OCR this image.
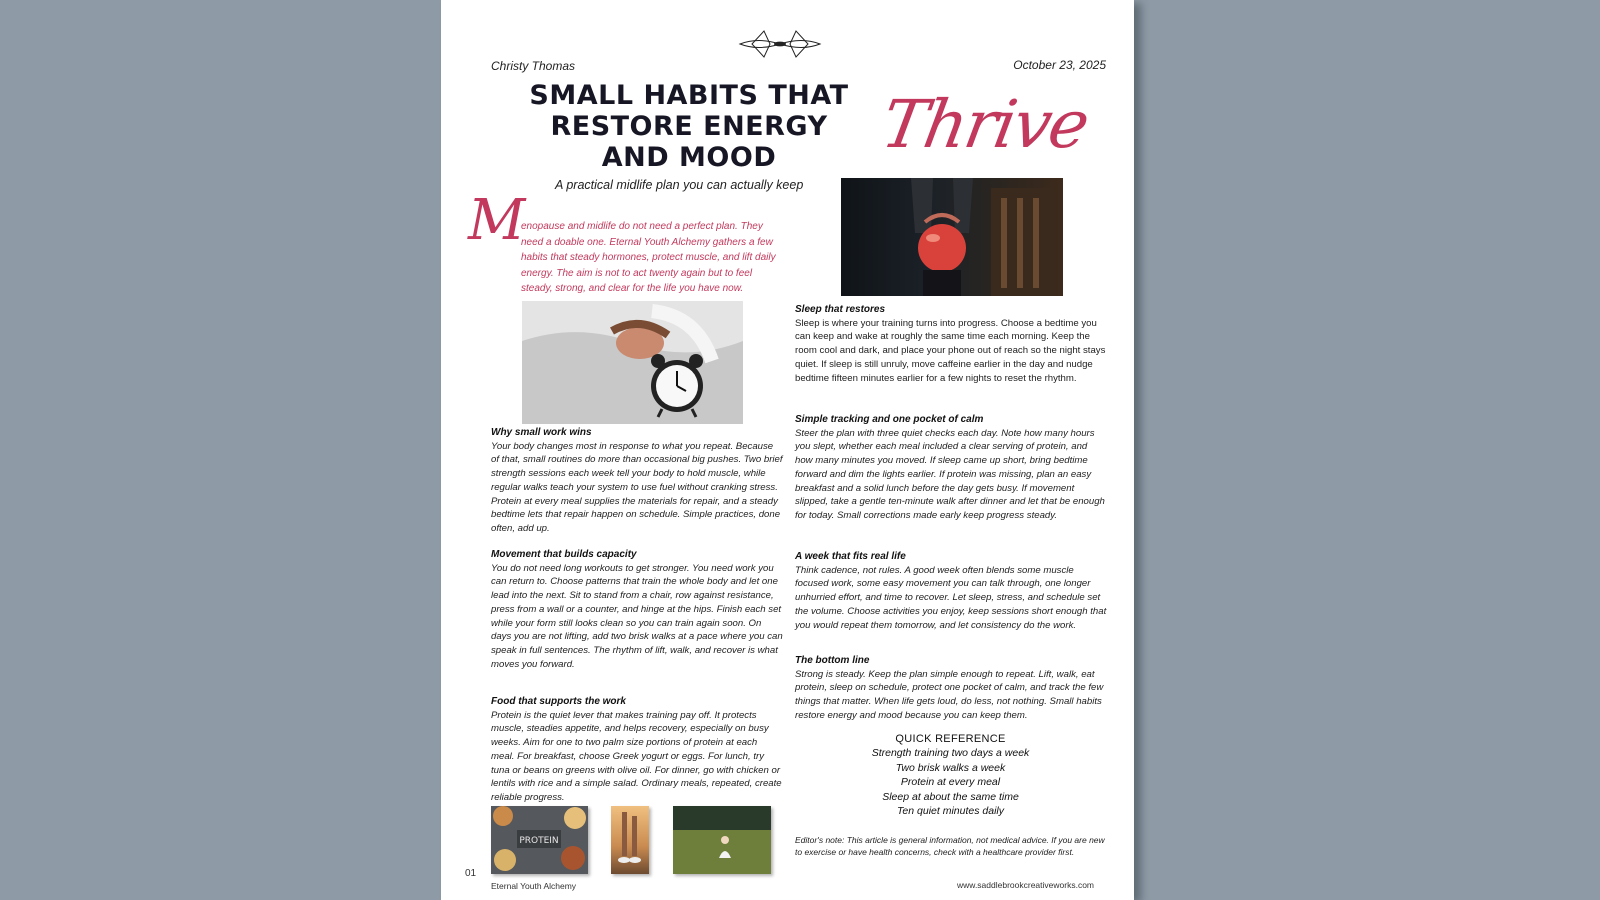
Christy Thomas	October 23, 2025
SMALL HABITS THAT
RESTORE ENERGY
AND MOOD	Thrive
A practical midlife plan you can actually keep
M
enopause and midlife do not need a perfect plan. They need a doable one. Eternal Youth Alchemy gathers a few habits that steady hormones, protect muscle, and lift daily energy. The aim is not to act twenty again but to feel steady, strong, and clear for the life you have now.
Why small work wins

Your body changes most in response to what you repeat. Because of that, small routines do more than occasional big pushes. Two brief strength sessions each week tell your body to hold muscle, while regular walks teach your system to use fuel without cranking stress. Protein at every meal supplies the materials for repair, and a steady bedtime lets that repair happen on schedule. Simple practices, done often, add up.

Movement that builds capacity

You do not need long workouts to get stronger. You need work you can return to. Choose patterns that train the whole body and let one lead into the next. Sit to stand from a chair, row against resistance, press from a wall or a counter, and hinge at the hips. Finish each set while your form still looks clean so you can train again soon. On days you are not lifting, add two brisk walks at a pace where you can speak in full sentences. The rhythm of lift, walk, and recover is what moves you forward.

Food that supports the work

Protein is the quiet lever that makes training pay off. It protects muscle, steadies appetite, and helps recovery, especially on busy weeks. Aim for one to two palm size portions of protein at each meal. For breakfast, choose Greek yogurt or eggs. For lunch, try tuna or beans on greens with olive oil. For dinner, go with chicken or lentils with rice and a simple salad. Ordinary meals, repeated, create reliable progress.

Sleep that restores

Sleep is where your training turns into progress. Choose a bedtime you can keep and wake at roughly the same time each morning. Keep the room cool and dark, and place your phone out of reach so the night stays quiet. If sleep is still unruly, move caffeine earlier in the day and nudge bedtime fifteen minutes earlier for a few nights to reset the rhythm.

Simple tracking and one pocket of calm

Steer the plan with three quiet checks each day. Note how many hours you slept, whether each meal included a clear serving of protein, and how many minutes you moved. If sleep came up short, bring bedtime forward and dim the lights earlier. If protein was missing, plan an easy breakfast and a solid lunch before the day gets busy. If movement slipped, take a gentle ten-minute walk after dinner and let that be enough for today. Small corrections made early keep progress steady.

A week that fits real life

Think cadence, not rules. A good week often blends some muscle focused work, some easy movement you can talk through, one longer unhurried effort, and time to recover. Let sleep, stress, and schedule set the volume. Choose activities you enjoy, keep sessions short enough that you would repeat them tomorrow, and let consistency do the work.

The bottom line

Strong is steady. Keep the plan simple enough to repeat. Lift, walk, eat protein, sleep on schedule, protect one pocket of calm, and track the few things that matter. When life gets loud, do less, not nothing. Small habits restore energy and mood because you can keep them.

QUICK REFERENCE
Strength training two days a week
Two brisk walks a week
Protein at every meal
Sleep at about the same time
Ten quiet minutes daily
Editor's note: This article is general information, not medical advice. If you are new to exercise or have health concerns, check with a healthcare provider first.
PROTEIN
01
Eternal Youth Alchemy	www.saddlebrookcreativeworks.com
